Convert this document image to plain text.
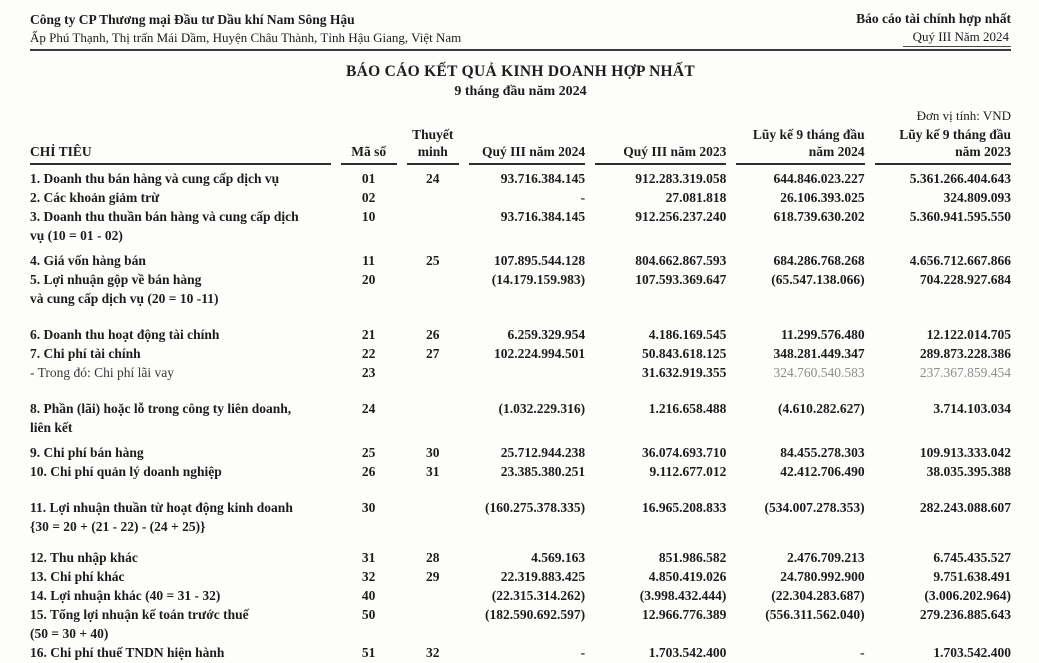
Công ty CP Thương mại Đầu tư Dầu khí Nam Sông Hậu
Ấp Phú Thạnh, Thị trấn Mái Dầm, Huyện Châu Thành, Tỉnh Hậu Giang, Việt Nam
Báo cáo tài chính hợp nhất
Quý III Năm 2024
BÁO CÁO KẾT QUẢ KINH DOANH HỢP NHẤT
9 tháng đầu năm 2024
Đơn vị tính: VND
CHỈ TIÊU	Mã số	Thuyết minh	Quý III năm 2024	Quý III năm 2023	Lũy kế 9 tháng đầu năm 2024	Lũy kế 9 tháng đầu năm 2023

1. Doanh thu bán hàng và cung cấp dịch vụ	01	24	93.716.384.145	912.283.319.058	644.846.023.227	5.361.266.404.643

2. Các khoản giảm trừ	02		-	27.081.818	26.106.393.025	324.809.093

3. Doanh thu thuần bán hàng và cung cấp dịch
vụ (10 = 01 - 02)	10		93.716.384.145	912.256.237.240	618.739.630.202	5.360.941.595.550

4. Giá vốn hàng bán	11	25	107.895.544.128	804.662.867.593	684.286.768.268	4.656.712.667.866

5. Lợi nhuận gộp về bán hàng
và cung cấp dịch vụ (20 = 10 -11)	20		(14.179.159.983)	107.593.369.647	(65.547.138.066)	704.228.927.684

6. Doanh thu hoạt động tài chính	21	26	6.259.329.954	4.186.169.545	11.299.576.480	12.122.014.705

7. Chi phí tài chính	22	27	102.224.994.501	50.843.618.125	348.281.449.347	289.873.228.386

- Trong đó: Chi phí lãi vay	23			31.632.919.355	324.760.540.583	237.367.859.454

8. Phần (lãi) hoặc lỗ trong công ty liên doanh,
liên kết	24		(1.032.229.316)	1.216.658.488	(4.610.282.627)	3.714.103.034

9. Chi phí bán hàng	25	30	25.712.944.238	36.074.693.710	84.455.278.303	109.913.333.042

10. Chi phí quản lý doanh nghiệp	26	31	23.385.380.251	9.112.677.012	42.412.706.490	38.035.395.388

11. Lợi nhuận thuần từ hoạt động kinh doanh
{30 = 20 + (21 - 22) - (24 + 25)}	30		(160.275.378.335)	16.965.208.833	(534.007.278.353)	282.243.088.607

12. Thu nhập khác	31	28	4.569.163	851.986.582	2.476.709.213	6.745.435.527

13. Chi phí khác	32	29	22.319.883.425	4.850.419.026	24.780.992.900	9.751.638.491

14. Lợi nhuận khác (40 = 31 - 32)	40		(22.315.314.262)	(3.998.432.444)	(22.304.283.687)	(3.006.202.964)

15. Tổng lợi nhuận kế toán trước thuế
(50 = 30 + 40)	50		(182.590.692.597)	12.966.776.389	(556.311.562.040)	279.236.885.643

16. Chi phí thuế TNDN hiện hành	51	32	-	1.703.542.400	-	1.703.542.400
